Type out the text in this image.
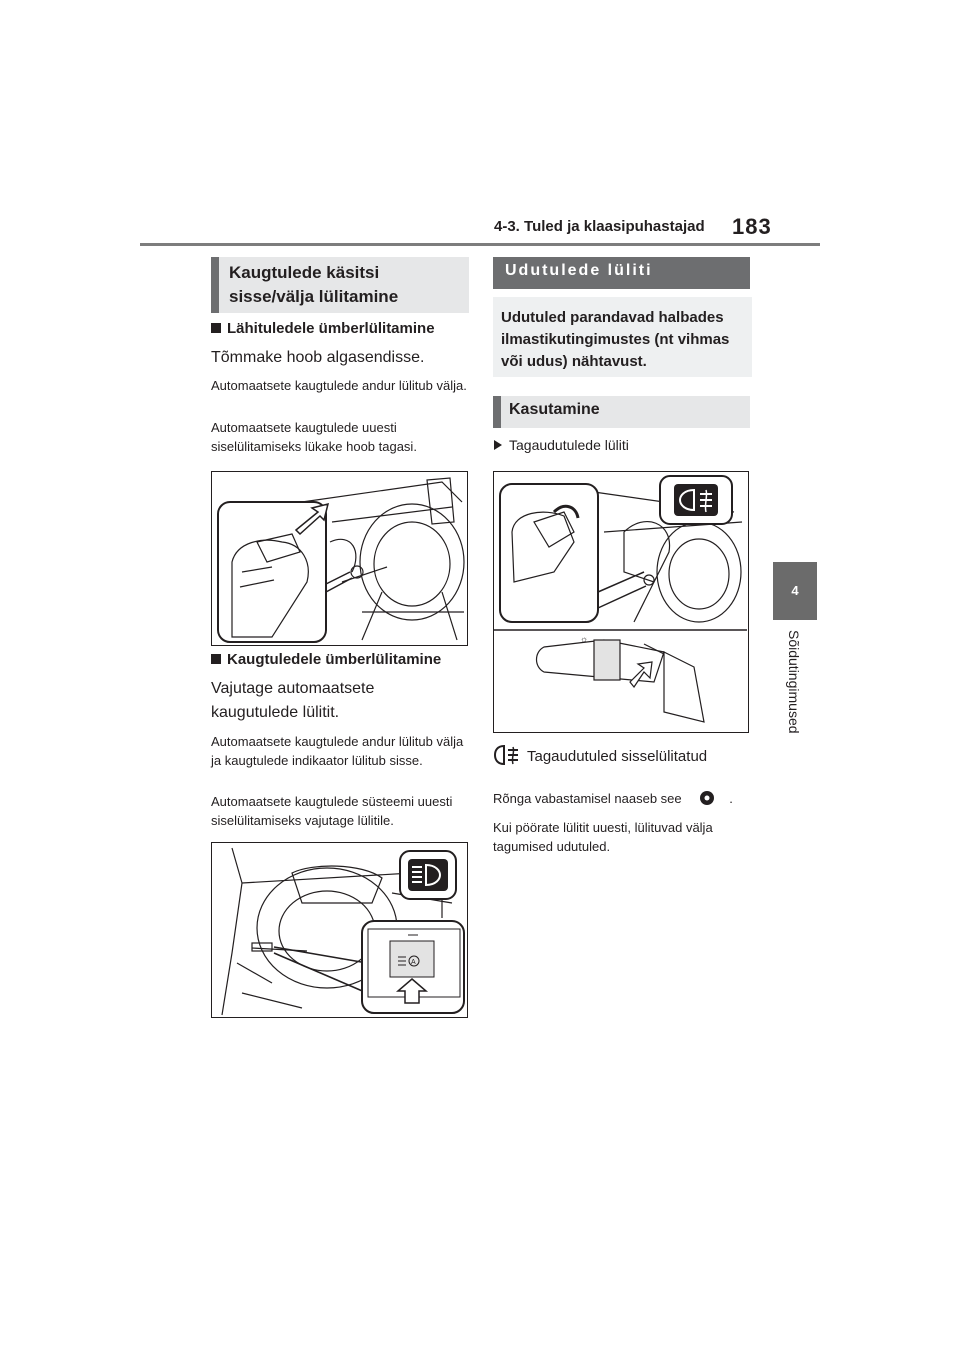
4-3. Tuled ja klaasipuhastajad 183
4
Sõidutingimused
Kaugtulede käsitsi
sisse/välja lülitamine
Lähituledele ümberlülitamine
Tõmmake hoob algasendisse.
Automaatsete kaugtulede andur lülitub välja.
Automaatsete kaugtulede uuesti siselülitamiseks lükake hoob tagasi.
Kaugtuledele ümberlülitamine
Vajutage automaatsete kaugutulede lülitit.
Automaatsete kaugtulede andur lülitub välja ja kaugtulede indikaator lülitub sisse.
Automaatsete kaugtulede süsteemi uuesti siselülitamiseks vajutage lülitile.
A
Udutulede lüliti
Udutuled parandavad halbades ilmastikutingimustes (nt vihmas või udus) nähtavust.
Kasutamine
Tagaudutulede lüliti
☼
Tagaudutuled sisselülitatud
Rõnga vabastamisel naaseb see	.
Kui pöörate lülitit uuesti, lülituvad välja tagumised udutuled.
